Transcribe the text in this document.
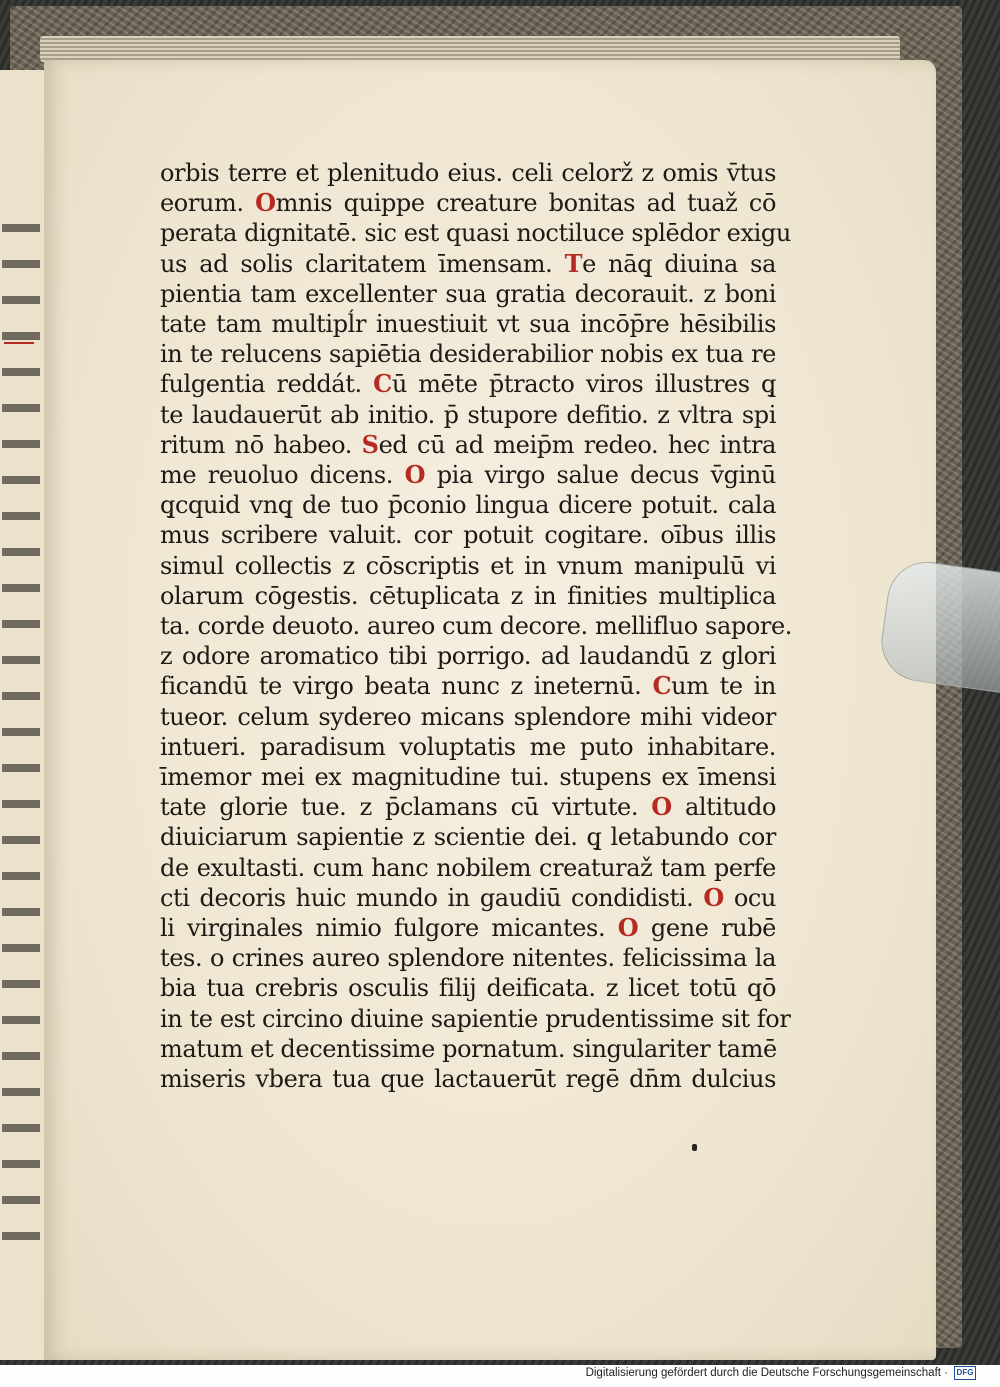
orbis terre et plenitudo eius. celi celorž z omis v̄tus
eorum. Omnis quippe creature bonitas ad tuaž cō
perata dignitatē. sic est quasi noctiluce splēdor exigu
us ad solis claritatem īmensam. Te nāq̧ diuina sa
pientia tam excellenter sua gratia decorauit. z boni
tate tam multipĺr inuestiuit vt sua incōp̄re hēsibilis
in te relucens sapiētia desiderabilior nobis ex tua re
fulgentia reddát. Cū mēte p̄tracto viros illustres q̧
te laudauerūt ab initio. p̄ stupore defitio. z vltra spi
ritum nō habeo. Sed cū ad meip̄m redeo. hec intra
me reuoluo dicens. O pia virgo salue decus v̄ginū
q̧cquid vnq̧ de tuo p̄conio lingua dicere potuit. cala
mus scribere valuit. cor potuit cogitare. oībus illis
simul collectis z cōscriptis et in vnum manipulū vi
olarum cōgestis. cētuplicata z in finities multiplica
ta. corde deuoto. aureo cum decore. mellifluo sapore.
z odore aromatico tibi porrigo. ad laudandū z glori
ficandū te virgo beata nunc z ineternū. Cum te in
tueor. celum sydereo micans splendore mihi videor
intueri. paradisum voluptatis me puto inhabitare.
īmemor mei ex magnitudine tui. stupens ex īmensi
tate glorie tue. z p̄clamans cū virtute. O altitudo
diuiciarum sapientie z scientie dei. q̧ letabundo cor
de exultasti. cum hanc nobilem creaturaž tam perfe
cti decoris huic mundo in gaudiū condidisti. O ocu
li virginales nimio fulgore micantes. O gene rubē
tes. o crines aureo splendore nitentes. felicissima la
bia tua crebris osculis filij deificata. z licet totū qō
in te est circino diuine sapientie prudentissime sit for
matum et decentissime pornatum. singulariter tamē
miseris vbera tua que lactauerūt regē dn̄m dulcius
Digitalisierung gefördert durch die Deutsche Forschungsgemeinschaft ·	DFG
